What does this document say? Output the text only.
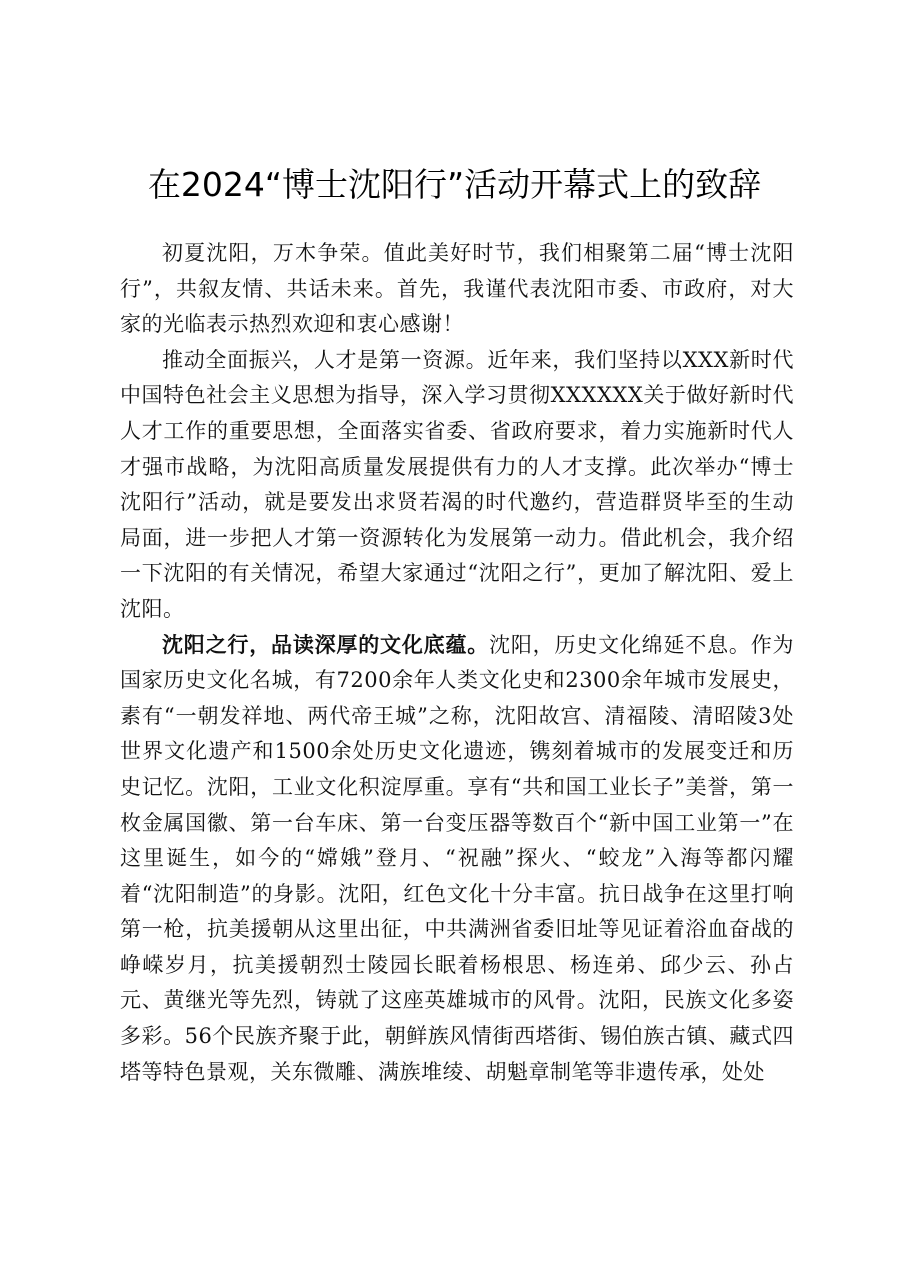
在2024“博士沈阳行”活动开幕式上的致辞

初夏沈阳，万木争荣。值此美好时节，我们相聚第二届“博士沈阳行”，共叙友情、共话未来。首先，我谨代表沈阳市委、市政府，对大家的光临表示热烈欢迎和衷心感谢！

推动全面振兴，人才是第一资源。近年来，我们坚持以XXX新时代中国特色社会主义思想为指导，深入学习贯彻XXXXXX关于做好新时代人才工作的重要思想，全面落实省委、省政府要求，着力实施新时代人才强市战略，为沈阳高质量发展提供有力的人才支撑。此次举办“博士沈阳行”活动，就是要发出求贤若渴的时代邀约，营造群贤毕至的生动局面，进一步把人才第一资源转化为发展第一动力。借此机会，我介绍一下沈阳的有关情况，希望大家通过“沈阳之行”，更加了解沈阳、爱上沈阳。

沈阳之行，品读深厚的文化底蕴。沈阳，历史文化绵延不息。作为国家历史文化名城，有7200余年人类文化史和2300余年城市发展史，素有“一朝发祥地、两代帝王城”之称，沈阳故宫、清福陵、清昭陵3处世界文化遗产和1500余处历史文化遗迹，镌刻着城市的发展变迁和历史记忆。沈阳，工业文化积淀厚重。享有“共和国工业长子”美誉，第一枚金属国徽、第一台车床、第一台变压器等数百个“新中国工业第一”在这里诞生，如今的“嫦娥”登月、“祝融”探火、“蛟龙”入海等都闪耀着“沈阳制造”的身影。沈阳，红色文化十分丰富。抗日战争在这里打响第一枪，抗美援朝从这里出征，中共满洲省委旧址等见证着浴血奋战的峥嵘岁月，抗美援朝烈士陵园长眠着杨根思、杨连弟、邱少云、孙占元、黄继光等先烈，铸就了这座英雄城市的风骨。沈阳，民族文化多姿多彩。56个民族齐聚于此，朝鲜族风情街西塔街、锡伯族古镇、藏式四塔等特色景观，关东微雕、满族堆绫、胡魁章制笔等非遗传承，处处
